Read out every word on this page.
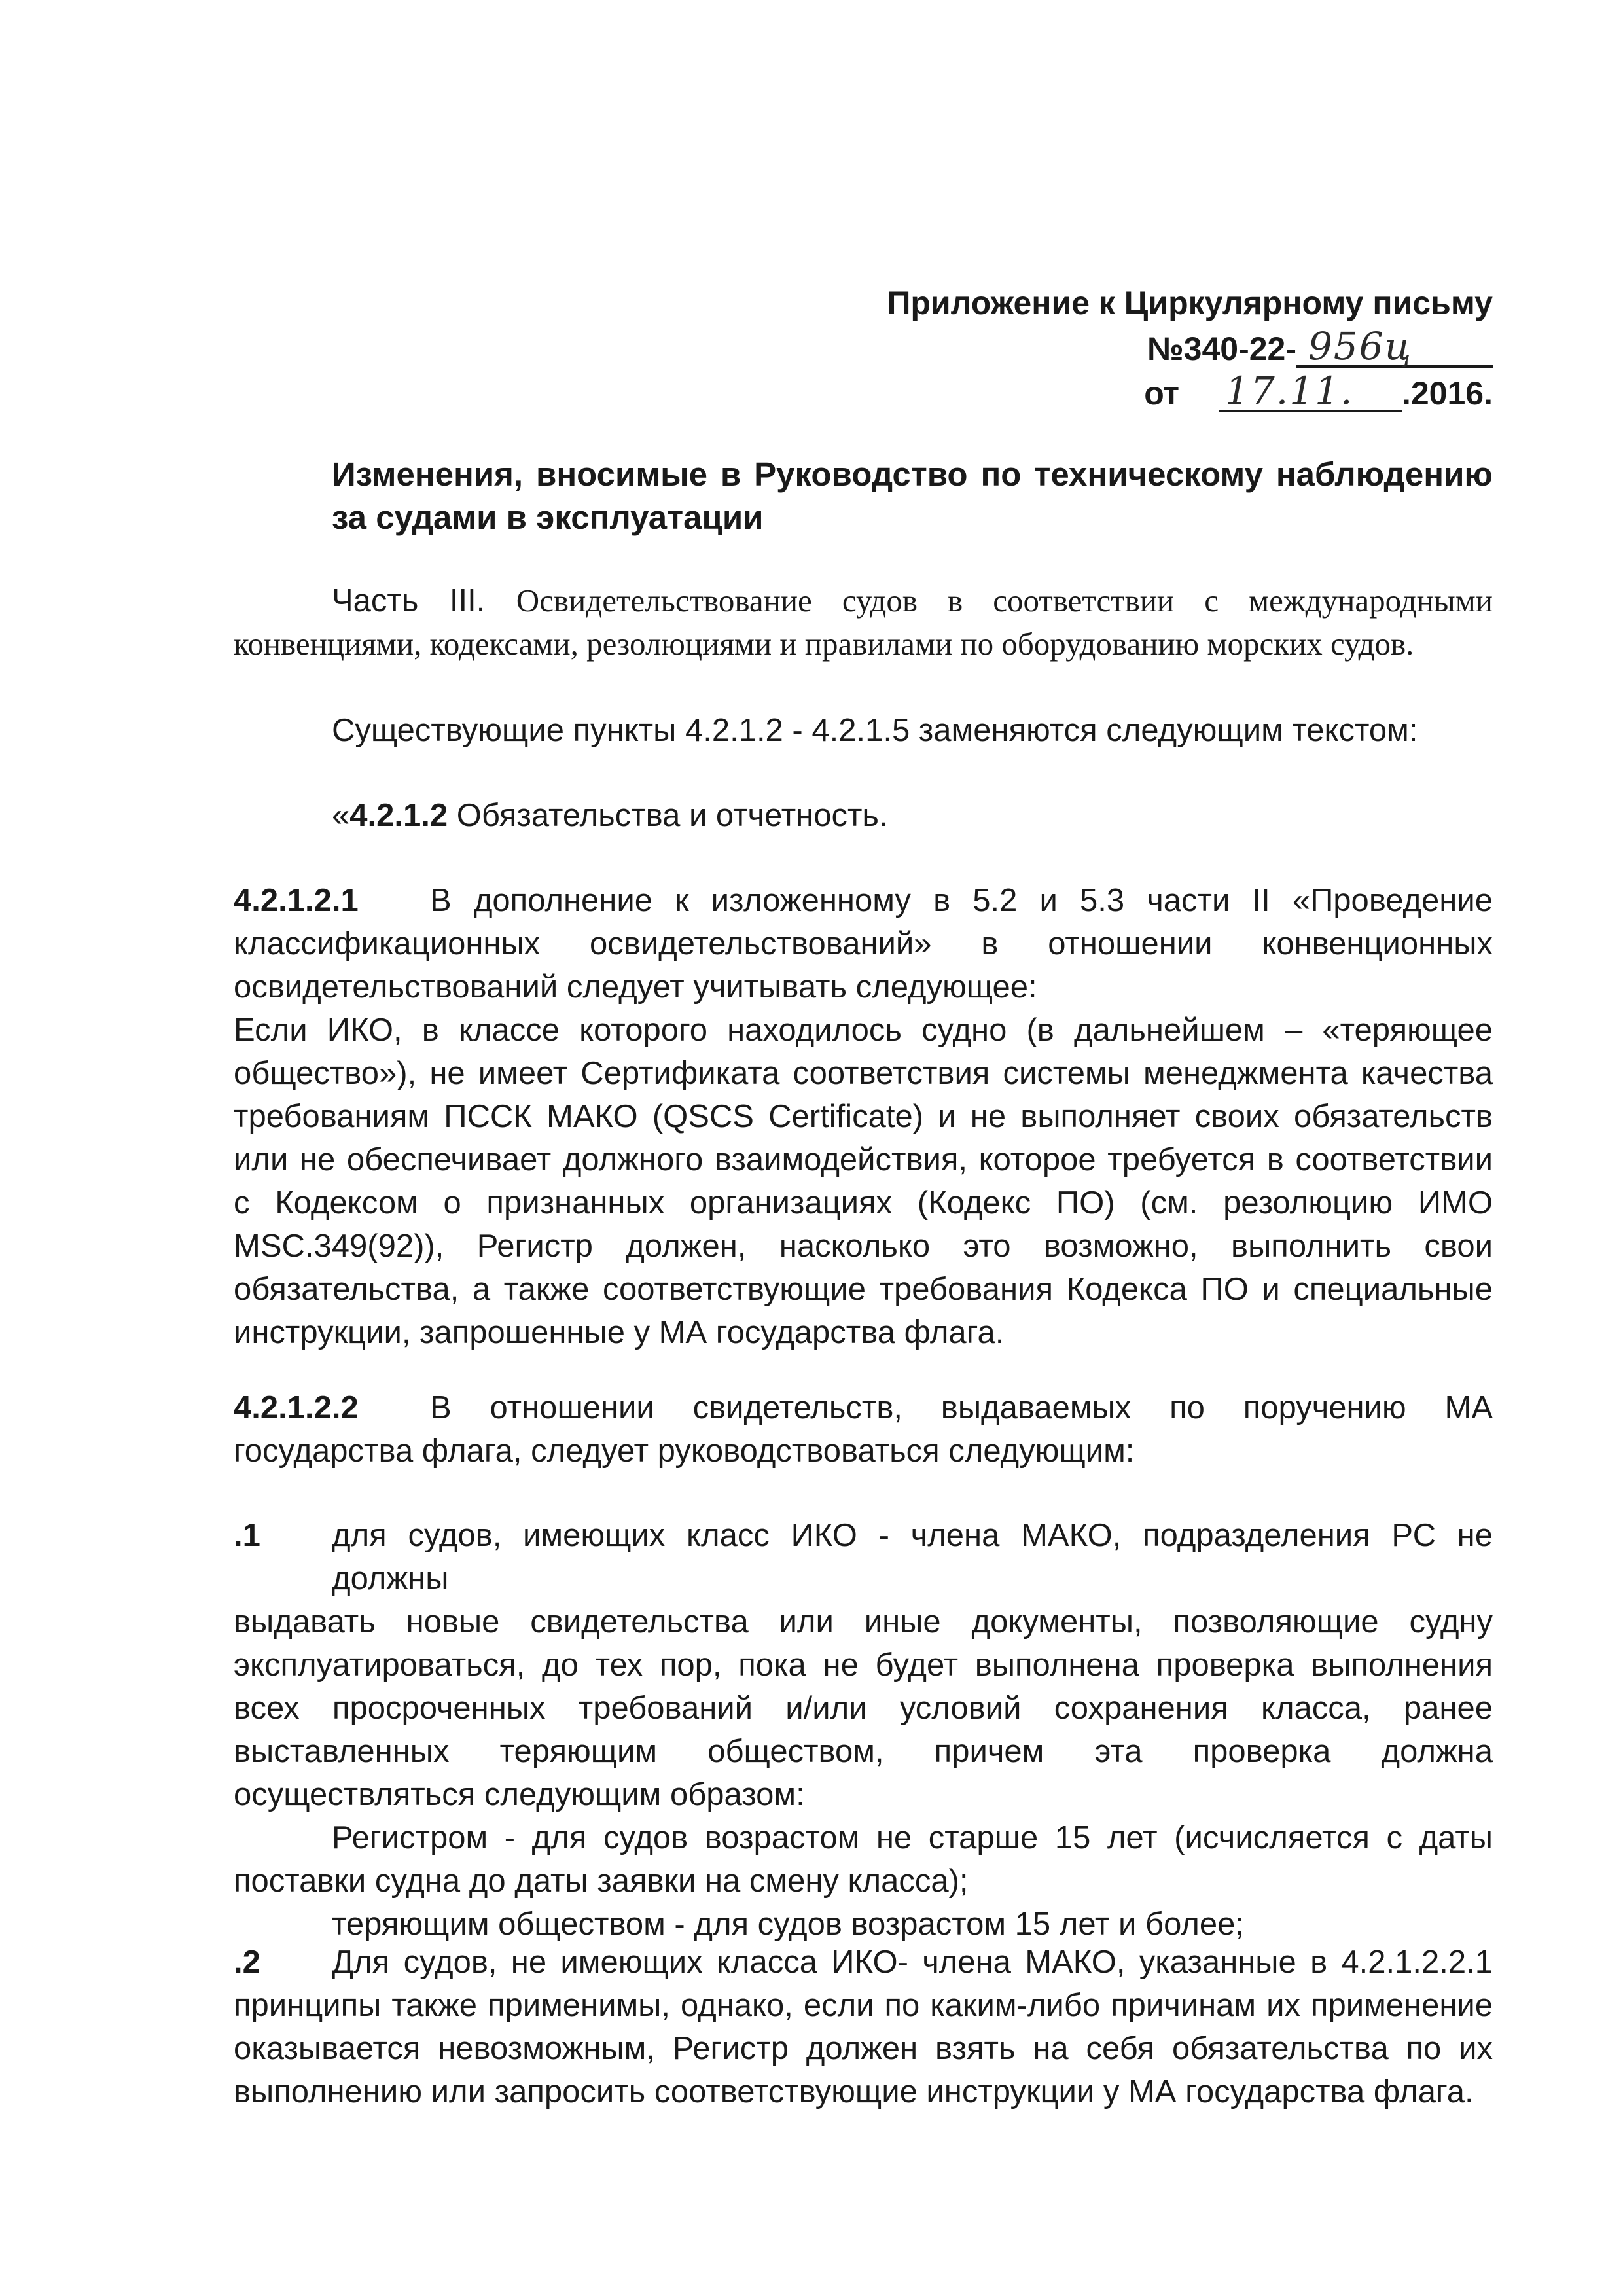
Приложение к Циркулярному письму
№340-22- 956ц

от 17.11. .2016.
Изменения, вносимые в Руководство по техническому наблюдению за судами в эксплуатации
Часть III. Освидетельствование судов в соответствии с международными
конвенциями, кодексами, резолюциями и правилами по оборудованию морских судов.
Существующие пункты 4.2.1.2 - 4.2.1.5 заменяются следующим текстом:
«4.2.1.2 Обязательства и отчетность.
4.2.1.2.1	В дополнение к изложенному в 5.2 и 5.3 части II «Проведение
классификационных освидетельствований» в отношении конвенционных
освидетельствований следует учитывать следующее:
Если ИКО, в классе которого находилось судно (в дальнейшем – «теряющее общество»), не имеет Сертификата соответствия системы менеджмента качества требованиям ПССК МАКО (QSCS Certificate) и не выполняет своих обязательств или не обеспечивает должного взаимодействия, которое требуется в соответствии с Кодексом о признанных организациях (Кодекс ПО) (см. резолюцию ИМО MSC.349(92)), Регистр должен, насколько это возможно, выполнить свои обязательства, а также соответствующие требования Кодекса ПО и специальные инструкции, запрошенные у МА государства флага.
4.2.1.2.2	В отношении свидетельств, выдаваемых по поручению МА
государства флага, следует руководствоваться следующим:
.1	для судов, имеющих класс ИКО - члена МАКО, подразделения РС не должны
выдавать новые свидетельства или иные документы, позволяющие судну эксплуатироваться, до тех пор, пока не будет выполнена проверка выполнения всех просроченных требований и/или условий сохранения класса, ранее выставленных теряющим обществом, причем эта проверка должна осуществляться следующим образом:
Регистром - для судов возрастом не старше 15 лет (исчисляется с даты поставки судна до даты заявки на смену класса);
теряющим обществом - для судов возрастом 15 лет и более;
.2	Для судов, не имеющих класса ИКО- члена МАКО, указанные в 4.2.1.2.2.1
принципы также применимы, однако, если по каким-либо причинам их применение оказывается невозможным, Регистр должен взять на себя обязательства по их выполнению или запросить соответствующие инструкции у МА государства флага.
